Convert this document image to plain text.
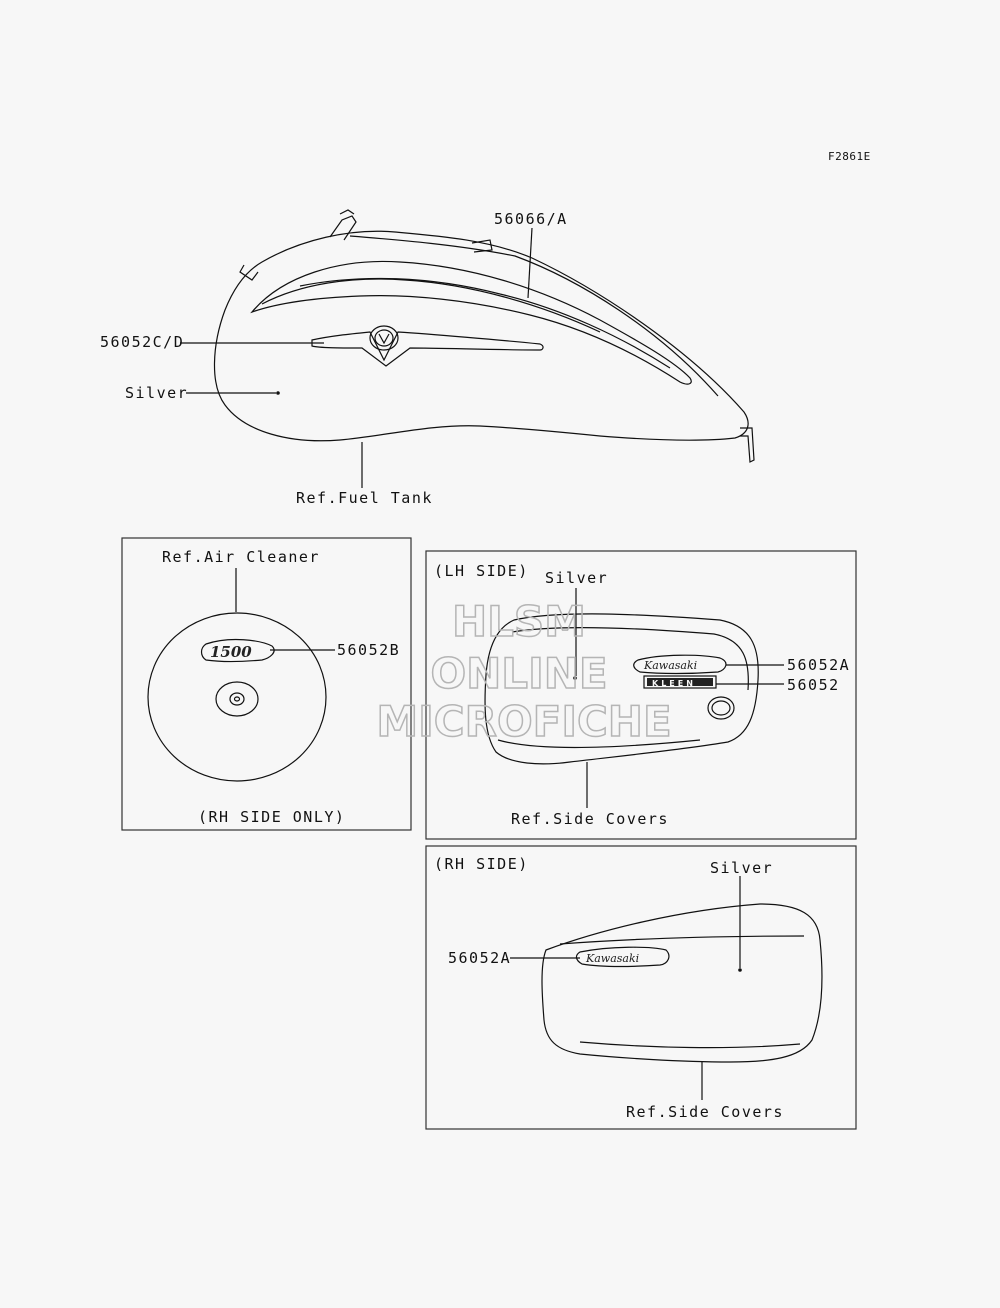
F2861E
56066/A
56052C/D
Silver
Ref.Fuel Tank
1500
Ref.Air Cleaner
56052B
(RH SIDE ONLY)
Kawasaki
KLEEN
(LH SIDE) Silver
56052A
56052
Ref.Side Covers
Kawasaki
(RH SIDE)	Silver
56052A
Ref.Side Covers
HLSM
ONLINE
MICROFICHE
